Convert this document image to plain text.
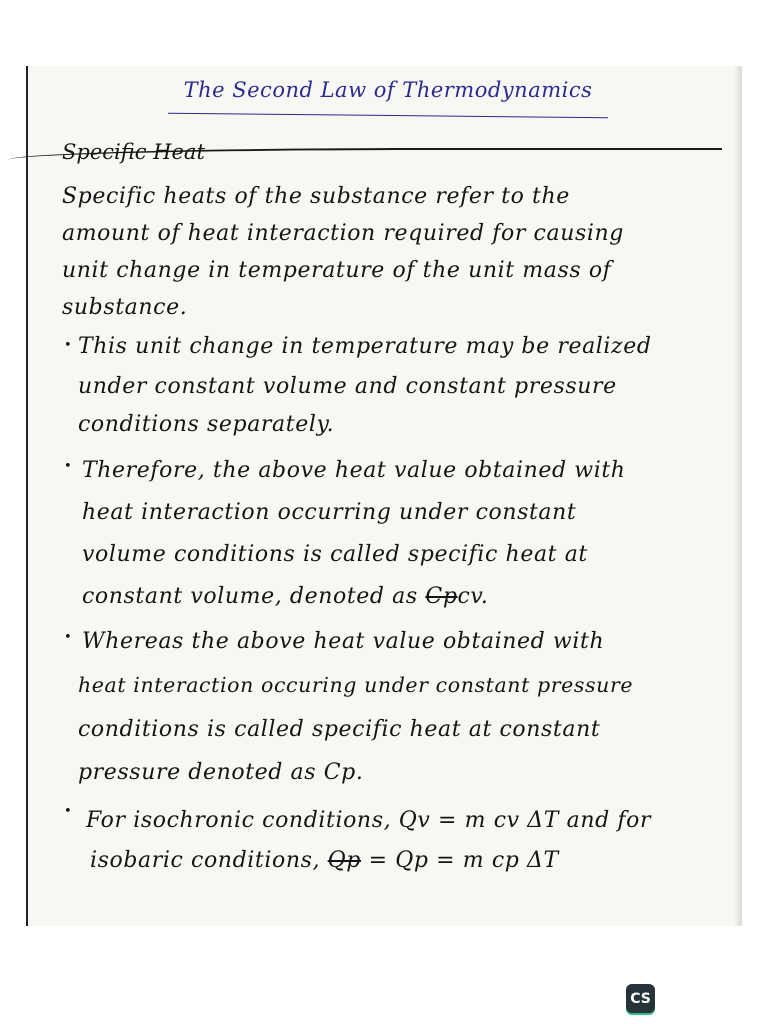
The Second Law of Thermodynamics
Specific Heat
Specific heats of the substance refer to the
amount of heat interaction required for causing
unit change in temperature of the unit mass of
substance.
• This unit change in temperature may be realized
under constant volume and constant pressure
conditions separately.
• Therefore, the above heat value obtained with
heat interaction occurring under constant
volume conditions is called specific heat at
constant volume, denoted as Cpcv.
• Whereas the above heat value obtained with
heat interaction occuring under constant pressure
conditions is called specific heat at constant
pressure denoted as Cp.
• For isochronic conditions, Qv = m cv ΔT and for
isobaric conditions, Qp = Qp = m cp ΔT
CS
